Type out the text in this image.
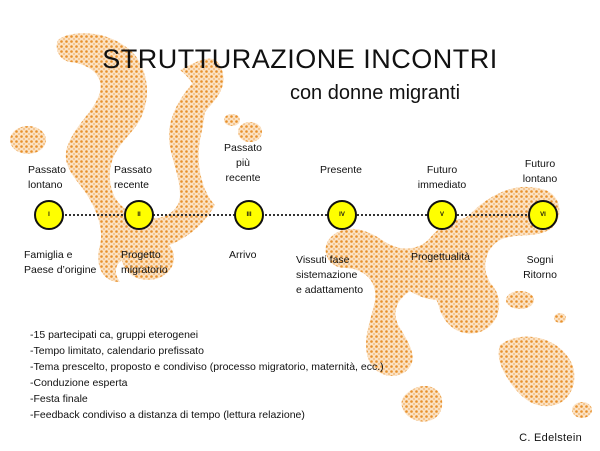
STRUTTURAZIONE INCONTRI
con donne migranti
Passato
lontano
I
Famiglia e
Paese d’origine
Passato
recente
II
Progetto
migratorio
Passato
più
recente
III
Arrivo
Presente
IV
Vissuti fase
sistemazione
e adattamento
Futuro
immediato
V
Progettualità
Futuro
lontano
VI
Sogni
Ritorno
-15 partecipati ca, gruppi eterogenei
-Tempo limitato, calendario prefissato
-Tema prescelto, proposto e condiviso (processo migratorio, maternità, ecc.)
-Conduzione esperta
-Festa finale
-Feedback condiviso a distanza di tempo (lettura relazione)
C. Edelstein
